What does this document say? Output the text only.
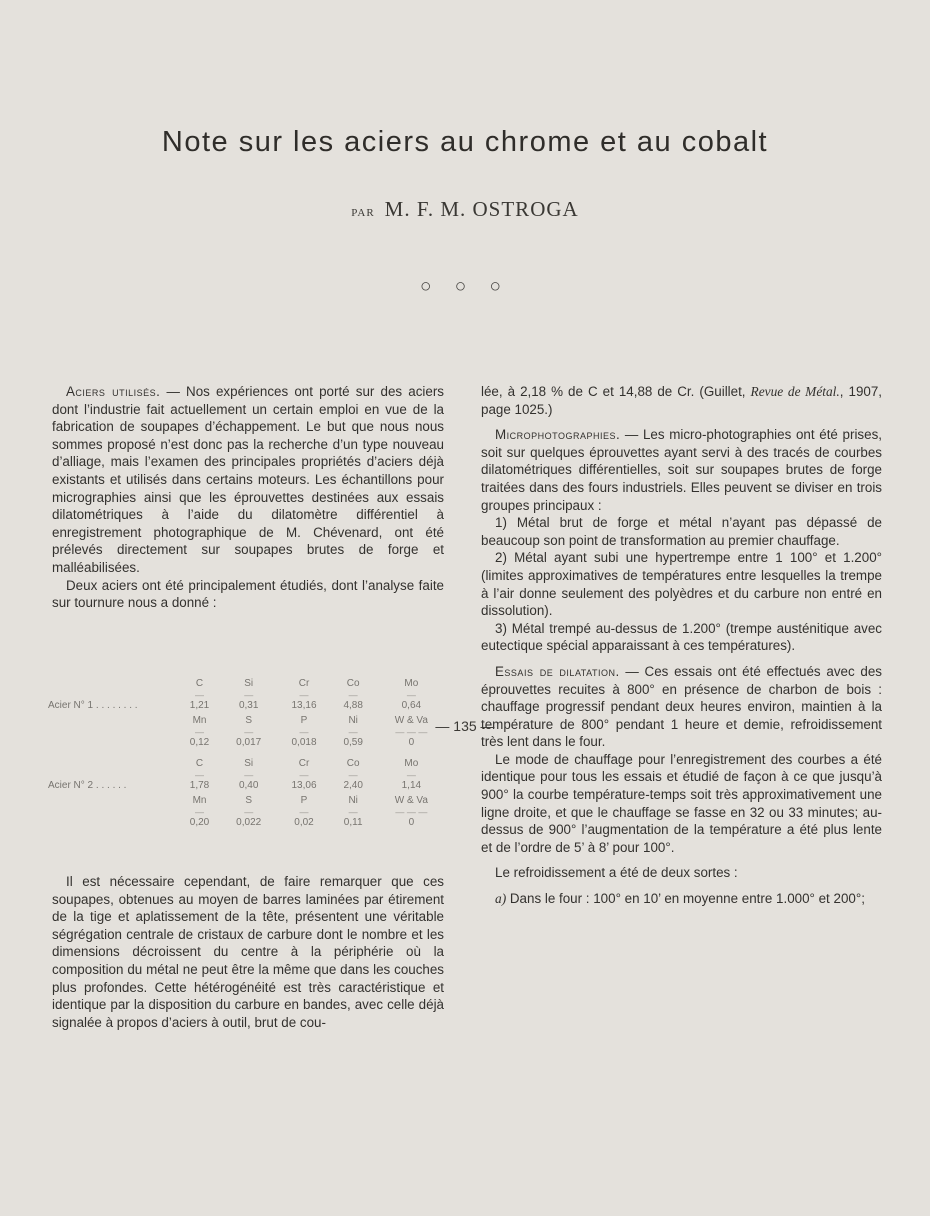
Note sur les aciers au chrome et au cobalt
PAR M. F. M. OSTROGA
○ ○ ○

Aciers utilisés. — Nos expériences ont porté sur des aciers dont l’industrie fait actuellement un certain emploi en vue de la fabrication de soupapes d’échappement. Le but que nous nous sommes proposé n’est donc pas la recherche d’un type nouveau d’alliage, mais l’examen des principales propriétés d’aciers déjà existants et utilisés dans certains moteurs. Les échantillons pour micrographies ainsi que les éprouvettes destinées aux essais dilatométriques à l’aide du dilatomètre différentiel à enregistrement photographique de M. Chévenard, ont été prélevés directement sur soupapes brutes de forge et malléabilisées.

Deux aciers ont été principalement étudiés, dont l’analyse faite sur tournure nous a donné :

	C	Si	Cr	Co	Mo
	—	—	—	—	—
Acier N° 1 . . . . . . . .	1,21	0,31	13,16	4,88	0,64
	Mn	S	P	Ni	W & Va
	—	—	—	—	— — —
	0,12	0,017	0,018	0,59	0

	C	Si	Cr	Co	Mo
	—	—	—	—	—
Acier N° 2 . . . . . .	1,78	0,40	13,06	2,40	1,14
	Mn	S	P	Ni	W & Va
	—	—	—	—	— — —
	0,20	0,022	0,02	0,11	0

Il est nécessaire cependant, de faire remarquer que ces soupapes, obtenues au moyen de barres laminées par étirement de la tige et aplatissement de la tête, présentent une véritable ségrégation centrale de cristaux de carbure dont le nombre et les dimensions décroissent du centre à la périphérie où la composition du métal ne peut être la même que dans les couches plus profondes. Cette hétérogénéité est très caractéristique et identique par la disposition du carbure en bandes, avec celle déjà signalée à propos d’aciers à outil, brut de cou-

lée, à 2,18 % de C et 14,88 de Cr. (Guillet, Revue de Métal., 1907, page 1025.)

Microphotographies. — Les micro-photographies ont été prises, soit sur quelques éprouvettes ayant servi à des tracés de courbes dilatométriques différentielles, soit sur soupapes brutes de forge traitées dans des fours industriels. Elles peuvent se diviser en trois groupes principaux :

1) Métal brut de forge et métal n’ayant pas dépassé de beaucoup son point de transformation au premier chauffage.

2) Métal ayant subi une hypertrempe entre 1 100° et 1.200° (limites approximatives de températures entre lesquelles la trempe à l’air donne seulement des polyèdres et du carbure non entré en dissolution).

3) Métal trempé au-dessus de 1.200° (trempe austénitique avec eutectique spécial apparaissant à ces températures).

Essais de dilatation. — Ces essais ont été effectués avec des éprouvettes recuites à 800° en présence de charbon de bois : chauffage progressif pendant deux heures environ, maintien à la température de 800° pendant 1 heure et demie, refroidissement très lent dans le four.

Le mode de chauffage pour l’enregistrement des courbes a été identique pour tous les essais et étudié de façon à ce que jusqu’à 900° la courbe température-temps soit très approximativement une ligne droite, et que le chauffage se fasse en 32 ou 33 minutes; au-dessus de 900° l’augmentation de la température a été plus lente et de l’ordre de 5’ à 8’ pour 100°.

Le refroidissement a été de deux sortes :

a) Dans le four : 100° en 10’ en moyenne entre 1.000° et 200°;

— 135 —
